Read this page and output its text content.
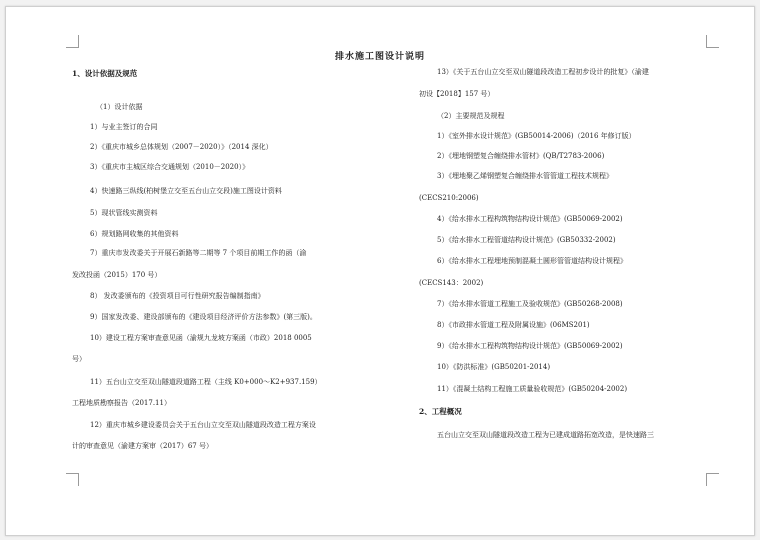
排水施工图设计说明
1、设计依据及规范
（1）设计依据
1）与业主签订的合同
2）《重庆市城乡总体规划（2007－2020）》（2014 深化）
3）《重庆市主城区综合交通规划（2010－2020）》
4）快速路三纵线(柏树堡立交至五台山立交段)施工图设计资料
5）现状管线实测资料
6）规划路网收集的其他资料
7）重庆市发改委关于开展石新路等二期等 7 个项目前期工作的函（渝
发改投函（2015）170 号）
8） 发改委颁布的《投资项目可行性研究报告编制指南》
9）国家发改委、建设部颁布的《建设项目经济评价方法参数》(第三版)。
10）建设工程方案审查意见函（渝规九龙坡方案函（市政）2018 0005
号）
11）五台山立交至双山隧道段道路工程（主线 K0+000～K2+937.159）
工程地质勘察报告（2017.11）
12）重庆市城乡建设委员会关于五台山立交至双山隧道段改造工程方案设
计的审查意见（渝建方案审（2017）67 号）
13）《关于五台山立交至双山隧道段改造工程初步设计的批复》（渝建
初设【2018】157 号）
（2）主要规范及规程
1）《室外排水设计规范》(GB50014-2006)（2016 年修订版）
2）《埋地钢塑复合缠绕排水管材》(QB/T2783-2006)
3）《埋地聚乙烯钢塑复合缠绕排水管管道工程技术规程》
(CECS210:2006)
4）《给水排水工程构筑物结构设计规范》(GB50069-2002)
5）《给水排水工程管道结构设计规范》(GB50332-2002)
6）《给水排水工程埋地预制混凝土圆形管管道结构设计规程》
(CECS143：2002)
7）《给水排水管道工程施工及验收规范》(GB50268-2008)
8）《市政排水管道工程及附属设施》(06MS201)
9）《给水排水工程构筑物结构设计规范》(GB50069-2002)
10）《防洪标准》(GB50201-2014)
11）《混凝土结构工程施工质量验收规范》(GB50204-2002)
2、工程概况
五台山立交至双山隧道段改造工程为已建成道路拓宽改造，是快速路三
